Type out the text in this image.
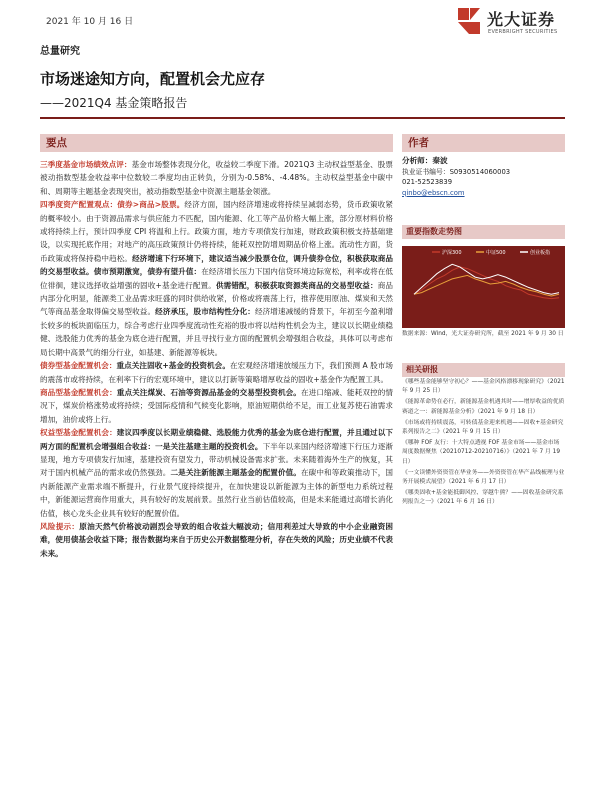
2021 年 10 月 16 日	光大证券
EVERBRIGHT SECURITIES
总量研究
市场迷途知方向，配置机会尤应存
——2021Q4 基金策略报告
要点	作者

三季度基金市场绩效点评：基金市场整体表现分化，收益较二季度下滑。2021Q3 主动权益型基金、股票被动指数型基金收益率中位数较二季度均由正转负，分别为-0.58%、-4.48%。主动权益型基金中碳中和、周期等主题基金表现突出，被动指数型基金中资源主题基金领涨。

四季度资产配置观点：债券>商品>股票。经济方面，国内经济增速或将持续呈减弱态势，货币政策收紧的概率较小。由于资源品需求与供应能力不匹配，国内能源、化工等产品价格大幅上涨，部分原材料价格或将持续上行，预计四季度 CPI 将温和上行。政策方面，地方专项债发行加速，财政政策积极支持基础建设，以实现托底作用；对地产的高压政策预计仍将持续，能耗双控防增周期品价格上涨。流动性方面，货币政策或将保持稳中趋松。经济增速下行环境下，建议适当减少股票仓位，调升债券仓位，积极获取商品的交易型收益。债市预期激宽，债券有望升值：在经济增长压力下国内信贷环境边际宽松，利率或将在低位徘徊，建议选择收益增强的固收+基金进行配置。供需错配，积极获取资源类商品的交易型收益：商品内部分化明显，能源类工业品需求旺盛的同时供给收紧，价格或将震荡上行，推荐使用原油、煤炭和天然气等商品基金取得偏交易型收益。经济承压，股市结构性分化：经济增速减缓的背景下，年初至今盈利增长较多的板块面临压力，综合考虑行业四季度流动性充裕的股市将以结构性机会为主，建议以长期业绩稳健、选股能力优秀的基金为底仓进行配置，并且寻找行业方面的配置机会增强组合收益，具体可以考虑布局长期中高景气的细分行业，如基建、新能源等板块。

债券型基金配置机会：重点关注固收+基金的投资机会。在宏观经济增速放缓压力下，我们预测 A 股市场的震荡市或将持续，在利率下行的宏观环境中，建议以打新等策略增厚收益的固收+基金作为配置工具。

商品型基金配置机会：重点关注煤炭、石油等资源品基金的交易型投资机会。在进口缩减、能耗双控的情况下，煤炭价格涨势或将持续；受国际疫情和气候变化影响，原油短期供给不足，而工业复苏使石油需求增加，油价或将上行。

权益型基金配置机会：建议四季度以长期业绩稳健、选股能力优秀的基金为底仓进行配置，并且通过以下两方面的配置机会增强组合收益：一是关注基建主题的投资机会。下半年以来国内经济增速下行压力逐渐显现，地方专项债发行加速，基建投资有望发力，带动机械设备需求扩张。未来随着海外生产的恢复，其对于国内机械产品的需求或仍然强劲。二是关注新能源主题基金的配置价值。在碳中和等政策推动下，国内新能源产业需求端不断提升，行业景气度持续提升，在加快建设以新能源为主体的新型电力系统过程中，新能源运营商作用重大，具有较好的发展前景。虽然行业当前估值较高，但是未来能通过高增长消化估值，核心龙头企业具有较好的配置价值。

风险提示：原油天然气价格波动剧烈会导致的组合收益大幅波动；信用利差过大导致的中小企业融资困难，使用债基会收益下降；报告数据均来自于历史公开数据整理分析，存在失效的风险；历史业绩不代表未来。

分析师：秦波
执业证书编号：S0930514060003
021-52523839
qinbo@ebscn.com
重要指数走势图
沪深300	中证500	创业板指
数据来源：Wind，光大证券研究所，截至 2021 年 9 月 30 日
相关研报
《哪些基金能够坚守初心？——基金风格漂移现象研究》（2021 年 9 月 25 日）
《能源革命势在必行，新能源基金机遇其时——增厚收益的优质赛道之一：新能源基金分析》（2021 年 9 月 18 日）
《市场或将持续震荡，可转债基金迎来机遇——固收+基金研究系列报告之二》（2021 年 9 月 15 日）
《哪种 FOF 友行：十大特点透视 FOF 基金市场——基金市场周度数据聚焦（20210712-20210716）》（2021 年 7 月 19 日）
《一文读懂外资资管在华业务——外资资管在华产品线梳理与业务开展模式展望》（2021 年 6 月 17 日）
《哪类固收+基金能抵御风控、穿越牛熊？——固收基金研究系列报告之一》（2021 年 6 月 16 日）
